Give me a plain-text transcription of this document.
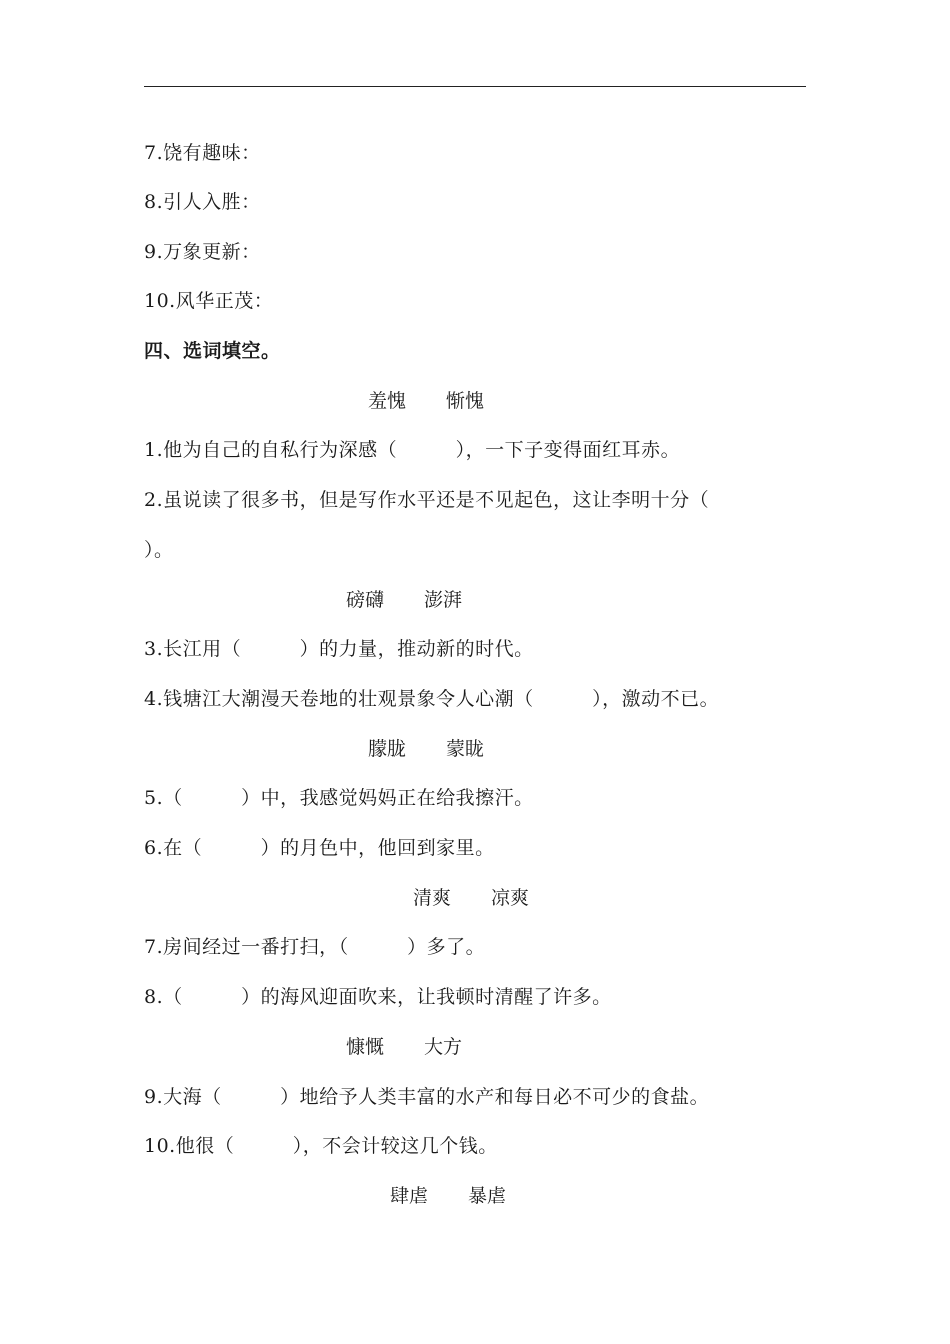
7.饶有趣味：
8.引人入胜：
9.万象更新：
10.风华正茂：
四、选词填空。
羞愧 惭愧
1.他为自己的自私行为深感（　　　），一下子变得面红耳赤。
2.虽说读了很多书，但是写作水平还是不见起色，这让李明十分（
）。
磅礴 澎湃
3.长江用（　　　）的力量，推动新的时代。
4.钱塘江大潮漫天卷地的壮观景象令人心潮（　　　），激动不已。
朦胧 蒙眬
5.（　　　）中，我感觉妈妈正在给我擦汗。
6.在（　　　）的月色中，他回到家里。
清爽 凉爽
7.房间经过一番打扫，（　　　）多了。
8.（　　　）的海风迎面吹来，让我顿时清醒了许多。
慷慨 大方
9.大海（　　　）地给予人类丰富的水产和每日必不可少的食盐。
10.他很（　　　），不会计较这几个钱。
肆虐 暴虐
